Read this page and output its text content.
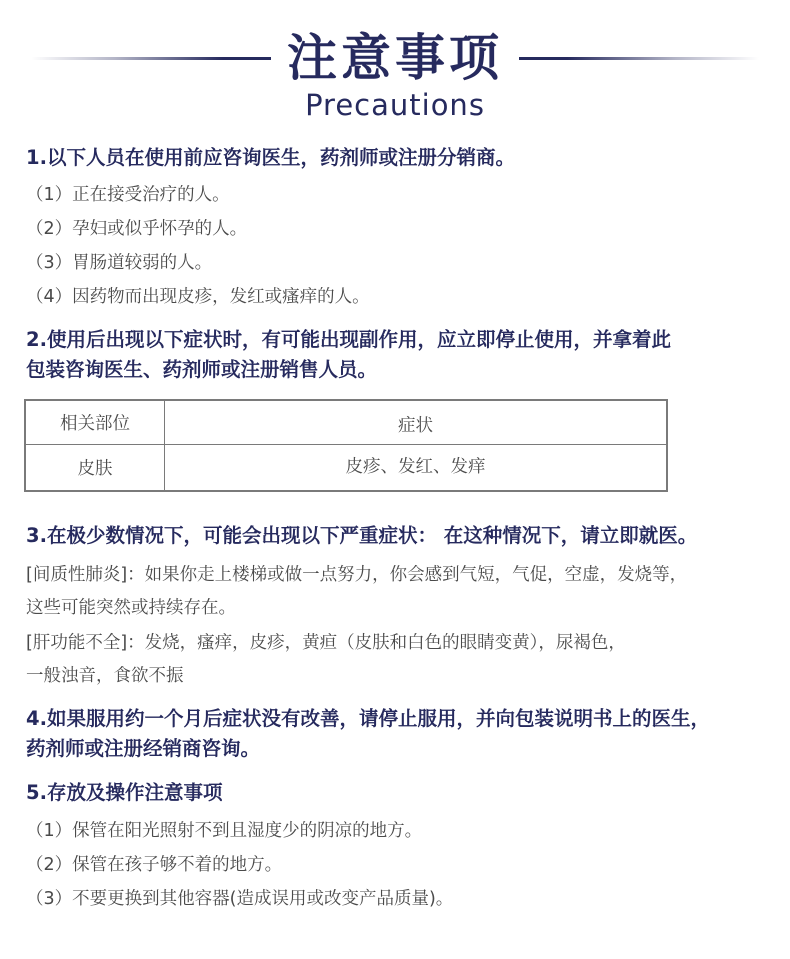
注意事项
Precautions
1.以下人员在使用前应咨询医生，药剂师或注册分销商。
（1）正在接受治疗的人。
（2）孕妇或似乎怀孕的人。
（3）胃肠道较弱的人。
（4）因药物而出现皮疹，发红或瘙痒的人。
2.使用后出现以下症状时，有可能出现副作用，应立即停止使用，并拿着此
包装咨询医生、药剂师或注册销售人员。
相关部位	症状
皮肤	皮疹、发红、发痒
3.在极少数情况下，可能会出现以下严重症状： 在这种情况下，请立即就医。
[间质性肺炎]：如果你走上楼梯或做一点努力，你会感到气短，气促，空虚，发烧等，
这些可能突然或持续存在。
[肝功能不全]：发烧，瘙痒，皮疹，黄疸（皮肤和白色的眼睛变黄），尿褐色，
一般浊音，食欲不振
4.如果服用约一个月后症状没有改善，请停止服用，并向包装说明书上的医生，
药剂师或注册经销商咨询。
5.存放及操作注意事项
（1）保管在阳光照射不到且湿度少的阴凉的地方。
（2）保管在孩子够不着的地方。
（3）不要更换到其他容器(造成误用或改变产品质量)。
